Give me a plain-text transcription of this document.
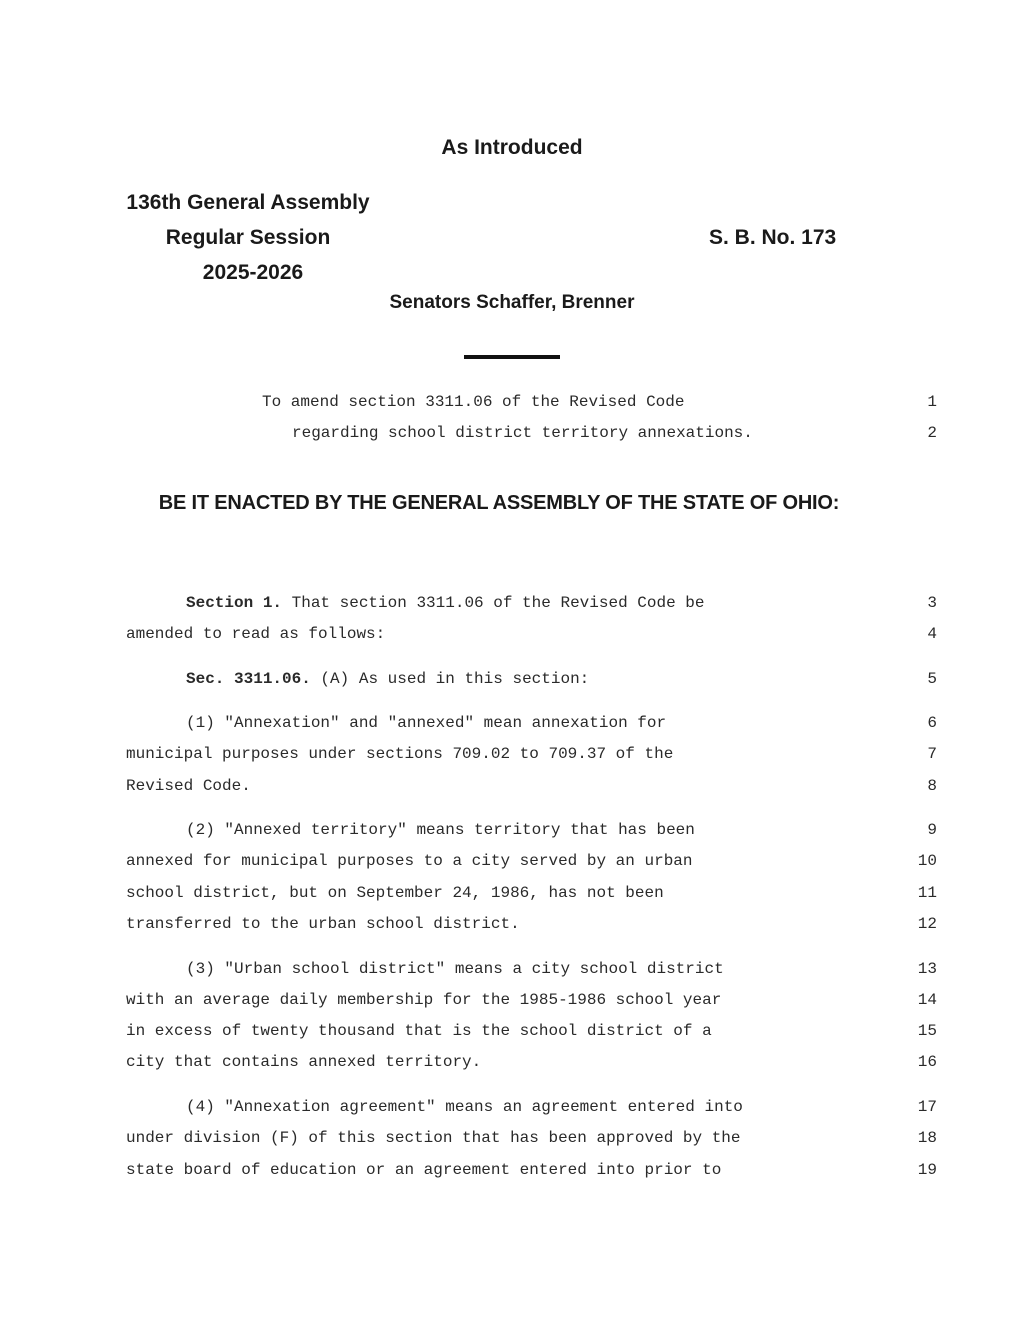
As Introduced
136th General Assembly
Regular Session
2025-2026
S. B. No. 173
Senators Schaffer, Brenner
To amend section 3311.06 of the Revised Code	1
regarding school district territory annexations.	2
BE IT ENACTED BY THE GENERAL ASSEMBLY OF THE STATE OF OHIO:
Section 1. That section 3311.06 of the Revised Code be	3
amended to read as follows:	4
Sec. 3311.06. (A) As used in this section:	5
(1) "Annexation" and "annexed" mean annexation for	6
municipal purposes under sections 709.02 to 709.37 of the	7
Revised Code.	8
(2) "Annexed territory" means territory that has been	9
annexed for municipal purposes to a city served by an urban	10
school district, but on September 24, 1986, has not been	11
transferred to the urban school district.	12
(3) "Urban school district" means a city school district	13
with an average daily membership for the 1985-1986 school year	14
in excess of twenty thousand that is the school district of a	15
city that contains annexed territory.	16
(4) "Annexation agreement" means an agreement entered into	17
under division (F) of this section that has been approved by the	18
state board of education or an agreement entered into prior to	19
